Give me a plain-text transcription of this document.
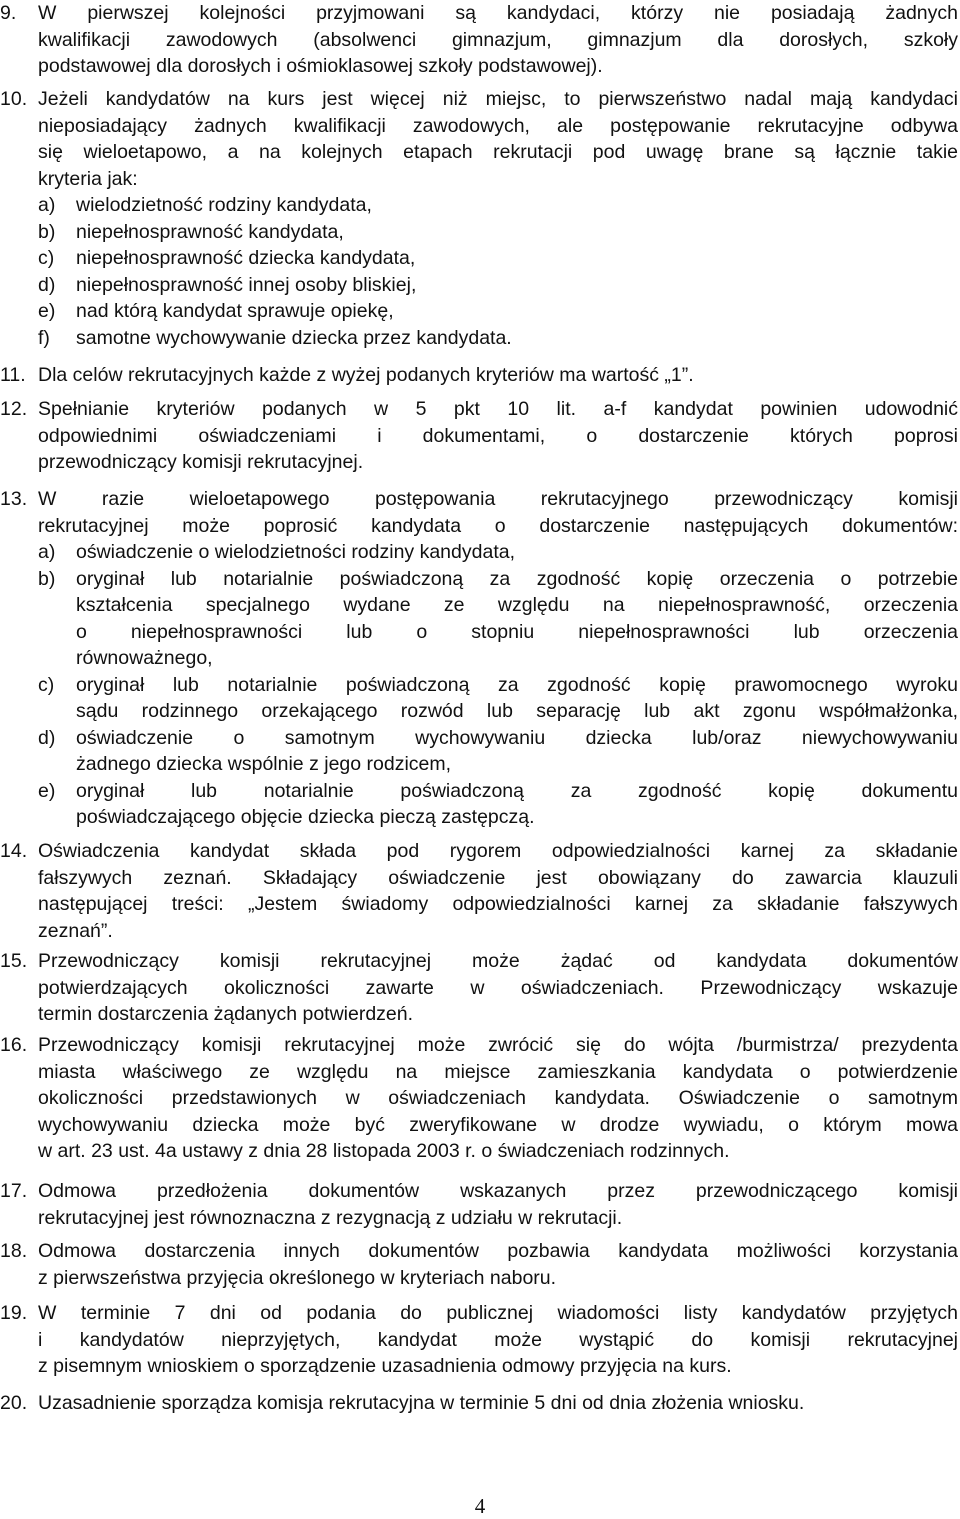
9. W pierwszej kolejności przyjmowani są kandydaci, którzy nie posiadają żadnych
kwalifikacji zawodowych (absolwenci gimnazjum, gimnazjum dla dorosłych, szkoły
podstawowej dla dorosłych i ośmioklasowej szkoły podstawowej).
10. Jeżeli kandydatów na kurs jest więcej niż miejsc, to pierwszeństwo nadal mają kandydaci
nieposiadający żadnych kwalifikacji zawodowych, ale postępowanie rekrutacyjne odbywa
się wieloetapowo, a na kolejnych etapach rekrutacji pod uwagę brane są łącznie takie
kryteria jak:
a) wielodzietność rodziny kandydata,
b) niepełnosprawność kandydata,
c) niepełnosprawność dziecka kandydata,
d) niepełnosprawność innej osoby bliskiej,
e) nad którą kandydat sprawuje opiekę,
f) samotne wychowywanie dziecka przez kandydata.
11. Dla celów rekrutacyjnych każde z wyżej podanych kryteriów ma wartość „1”.
12. Spełnianie kryteriów podanych w 5 pkt 10 lit. a-f kandydat powinien udowodnić
odpowiednimi oświadczeniami i dokumentami, o dostarczenie których poprosi
przewodniczący komisji rekrutacyjnej.
13. W razie wieloetapowego postępowania rekrutacyjnego przewodniczący komisji
rekrutacyjnej może poprosić kandydata o dostarczenie następujących dokumentów:
a) oświadczenie o wielodzietności rodziny kandydata,
b) oryginał lub notarialnie poświadczoną za zgodność kopię orzeczenia o potrzebie
kształcenia specjalnego wydane ze względu na niepełnosprawność, orzeczenia
o niepełnosprawności lub o stopniu niepełnosprawności lub orzeczenia
równoważnego,
c) oryginał lub notarialnie poświadczoną za zgodność kopię prawomocnego wyroku
sądu rodzinnego orzekającego rozwód lub separację lub akt zgonu współmałżonka,
d) oświadczenie o samotnym wychowywaniu dziecka lub/oraz niewychowywaniu
żadnego dziecka wspólnie z jego rodzicem,
e) oryginał lub notarialnie poświadczoną za zgodność kopię dokumentu
poświadczającego objęcie dziecka pieczą zastępczą.
14. Oświadczenia kandydat składa pod rygorem odpowiedzialności karnej za składanie
fałszywych zeznań. Składający oświadczenie jest obowiązany do zawarcia klauzuli
następującej treści: „Jestem świadomy odpowiedzialności karnej za składanie fałszywych
zeznań”.
15. Przewodniczący komisji rekrutacyjnej może żądać od kandydata dokumentów
potwierdzających okoliczności zawarte w oświadczeniach. Przewodniczący wskazuje
termin dostarczenia żądanych potwierdzeń.
16. Przewodniczący komisji rekrutacyjnej może zwrócić się do wójta /burmistrza/ prezydenta
miasta właściwego ze względu na miejsce zamieszkania kandydata o potwierdzenie
okoliczności przedstawionych w oświadczeniach kandydata. Oświadczenie o samotnym
wychowywaniu dziecka może być zweryfikowane w drodze wywiadu, o którym mowa
w art. 23 ust. 4a ustawy z dnia 28 listopada 2003 r. o świadczeniach rodzinnych.
17. Odmowa przedłożenia dokumentów wskazanych przez przewodniczącego komisji
rekrutacyjnej jest równoznaczna z rezygnacją z udziału w rekrutacji.
18. Odmowa dostarczenia innych dokumentów pozbawia kandydata możliwości korzystania
z pierwszeństwa przyjęcia określonego w kryteriach naboru.
19. W terminie 7 dni od podania do publicznej wiadomości listy kandydatów przyjętych
i kandydatów nieprzyjętych, kandydat może wystąpić do komisji rekrutacyjnej
z pisemnym wnioskiem o sporządzenie uzasadnienia odmowy przyjęcia na kurs.
20. Uzasadnienie sporządza komisja rekrutacyjna w terminie 5 dni od dnia złożenia wniosku.
4
